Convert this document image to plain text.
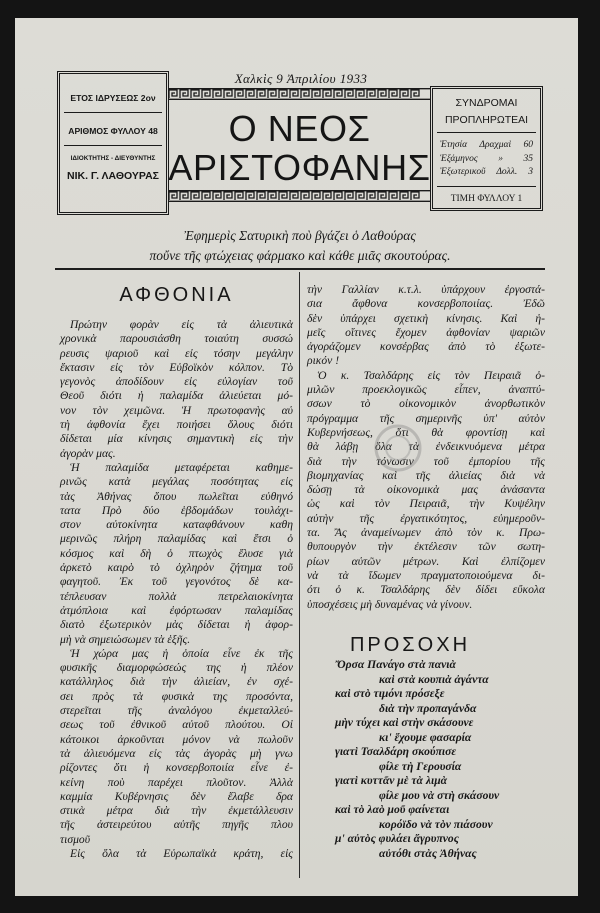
Χαλκὶς 9 Ἀπριλίου 1933
Ο ΝΕΟΣ
ΑΡΙΣΤΟΦΑΝΗΣ
ΕΤΟΣ ΙΔΡΥΣΕΩΣ 2ον
ΑΡΙΘΜΟΣ ΦΥΛΛΟΥ 48
ΙΔΙΟΚΤΗΤΗΣ - ΔΙΕΥΘΥΝΤΗΣ
ΝΙΚ. Γ. ΛΑΘΟΥΡΑΣ
ΣΥΝΔΡΟΜΑΙ
ΠΡΟΠΛΗΡΩΤΕΑΙ
Ἐτησία Δραχμαὶ 60
Ἑξάμηνος » 35
Ἐξωτερικοῦ Δολλ. 3
ΤΙΜΗ ΦΥΛΛΟΥ 1
Ἐφημερὶς Σατυρικὴ ποὺ βγάζει ὁ Λαθούρας
ποὔνε τῆς φτώχειας φάρμακο καὶ κάθε μιᾶς σκουτούρας.
ΑΦΘΟΝΙΑ
Πρώτην φορὰν εἰς τὰ ἁλιευτικὰ
χρονικὰ παρουσιάσθη τοιαύτη συσσώ
ρευσις ψαριοῦ καὶ εἰς τόσην μεγάλην
ἔκτασιν εἰς τὸν Εὐβοϊκὸν κόλπον. Τὸ
γεγονὸς ἀποδίδουν εἰς εὐλογίαν τοῦ
Θεοῦ διότι ἡ παλαμίδα ἁλιεύεται μό-
νον τὸν χειμῶνα. Ἡ πρωτοφανὴς αὐ
τὴ ἀφθονία ἔχει ποιήσει ὅλους διότι
δίδεται μία κίνησις σημαντικὴ εἰς τὴν
ἀγορὰν μας.
Ἡ παλαμίδα μεταφέρεται καθημε-
ρινῶς κατὰ μεγάλας ποσότητας εἰς
τὰς Ἀθήνας ὅπου πωλεῖται εὐθηνό
τατα Πρὸ δύο ἑβδομάδων τουλάχι-
στον αὐτοκίνητα καταφθάνουν καθη
μερινῶς πλήρη παλαμίδας καὶ ἔτσι ὁ
κόσμος καὶ δὴ ὁ πτωχὸς ἔλυσε γιὰ
ἀρκετὸ καιρὸ τὸ ὀχληρὸν ζήτημα τοῦ
φαγητοῦ. Ἐκ τοῦ γεγονότος δὲ κα-
τέπλευσαν πολλὰ πετρελαιοκίνητα
ἀτμόπλοια καὶ ἐφόρτωσαν παλαμίδας
διατὸ ἐξωτερικὸν μὰς δίδεται ἡ ἀφορ-
μὴ νὰ σημειώσωμεν τὰ ἑξῆς.
Ἡ χώρα μας ἡ ὁποία εἶνε ἐκ τῆς
φυσικῆς διαμορφώσεώς της ἡ πλέον
κατάλληλος διὰ τὴν ἁλιείαν, ἐν σχέ-
σει πρὸς τὰ φυσικὰ της προσόντα,
στερεῖται τῆς ἀναλόγου ἐκμεταλλεύ-
σεως τοῦ ἐθνικοῦ αὐτοῦ πλούτου. Οἱ
κάτοικοι ἀρκοῦνται μόνον νὰ πωλοῦν
τὰ ἁλιευόμενα εἰς τὰς ἀγορὰς μὴ γνω
ρίζοντες ὅτι ἡ κονσερβοποιία εἶνε ἐ-
κείνη ποὺ παρέχει πλοῦτον. Ἀλλὰ
καμμία Κυβέρνησις δὲν ἔλαβε δρα
στικὰ μέτρα διὰ τὴν ἐκμετάλλευσιν
τῆς ἀστειρεύτου αὐτῆς πηγῆς πλου
τισμοῦ
Εἰς ὅλα τὰ Εὐρωπαϊκὰ κράτη, εἰς
τὴν Γαλλίαν κ.τ.λ. ὑπάρχουν ἐργοστά-
σια ἄφθονα κονσερβοποιίας. Ἐδῶ
δὲν ὑπάρχει σχετικὴ κίνησις. Καὶ ἡ-
μεῖς οἵτινες ἔχομεν ἀφθονίαν ψαριῶν
ἀγοράζομεν κονσέρβας ἀπὸ τὸ ἐξωτε-
ρικόν !
Ὁ κ. Τσαλδάρης εἰς τὸν Πειραιᾶ ὁ-
μιλῶν προεκλογικῶς εἶπεν, ἀναπτύ-
σσων τὸ οἰκονομικὸν ἀνορθωτικὸν
πρόγραμμα τῆς σημερινῆς ὑπ' αὐτὸν
Κυβερνήσεως, ὅτι θὰ φροντίσῃ καὶ
θὰ λάβῃ ὅλα τὰ ἐνδεικνυόμενα μέτρα
διὰ τὴν τόνωσιν τοῦ ἐμπορίου τῆς
βιομηχανίας καὶ τῆς ἁλιείας διὰ νὰ
δώσῃ τὰ οἰκονομικὰ μας ἀνάσαντα
ὡς καὶ τὸν Πειραιᾶ, τὴν Κυψέλην
αὐτὴν τῆς ἐργατικότητος, εὐημεροῦν-
τα. Ἂς ἀναμείνωμεν ἀπὸ τὸν κ. Πρω-
θυπουργὸν τὴν ἐκτέλεσιν τῶν σωτη-
ρίων αὐτῶν μέτρων. Καὶ ἐλπίζομεν
νὰ τὰ ἴδωμεν πραγματοποιούμενα δι-
ότι ὁ κ. Τσαλδάρης δὲν δίδει εὔκολα
ὑποσχέσεις μὴ δυναμένας νὰ γίνουν.
ΠΡΟΣΟΧΗ
Ὄρσα Πανάγο στὰ πανιὰ
καὶ στὰ κουπιὰ ἀγάντα
καὶ στὸ τιμόνι πρόσεξε
διὰ τὴν προπαγάνδα
μὴν τύχει καὶ στὴν σκάσουνε
κι' ἔχουμε φασαρία
γιατὶ Τσαλδάρη σκούπισε
φίλε τὴ Γερουσία
γιατὶ κυττᾶν μὲ τὰ λιμὰ
φίλε μου νὰ στὴ σκάσουν
καὶ τὸ λαὸ μοῦ φαίνεται
κορόϊδο νὰ τὸν πιάσουν
μ' αὐτὸς φυλάει ἄγρυπνος
αὐτόθι στὰς Ἀθήνας
